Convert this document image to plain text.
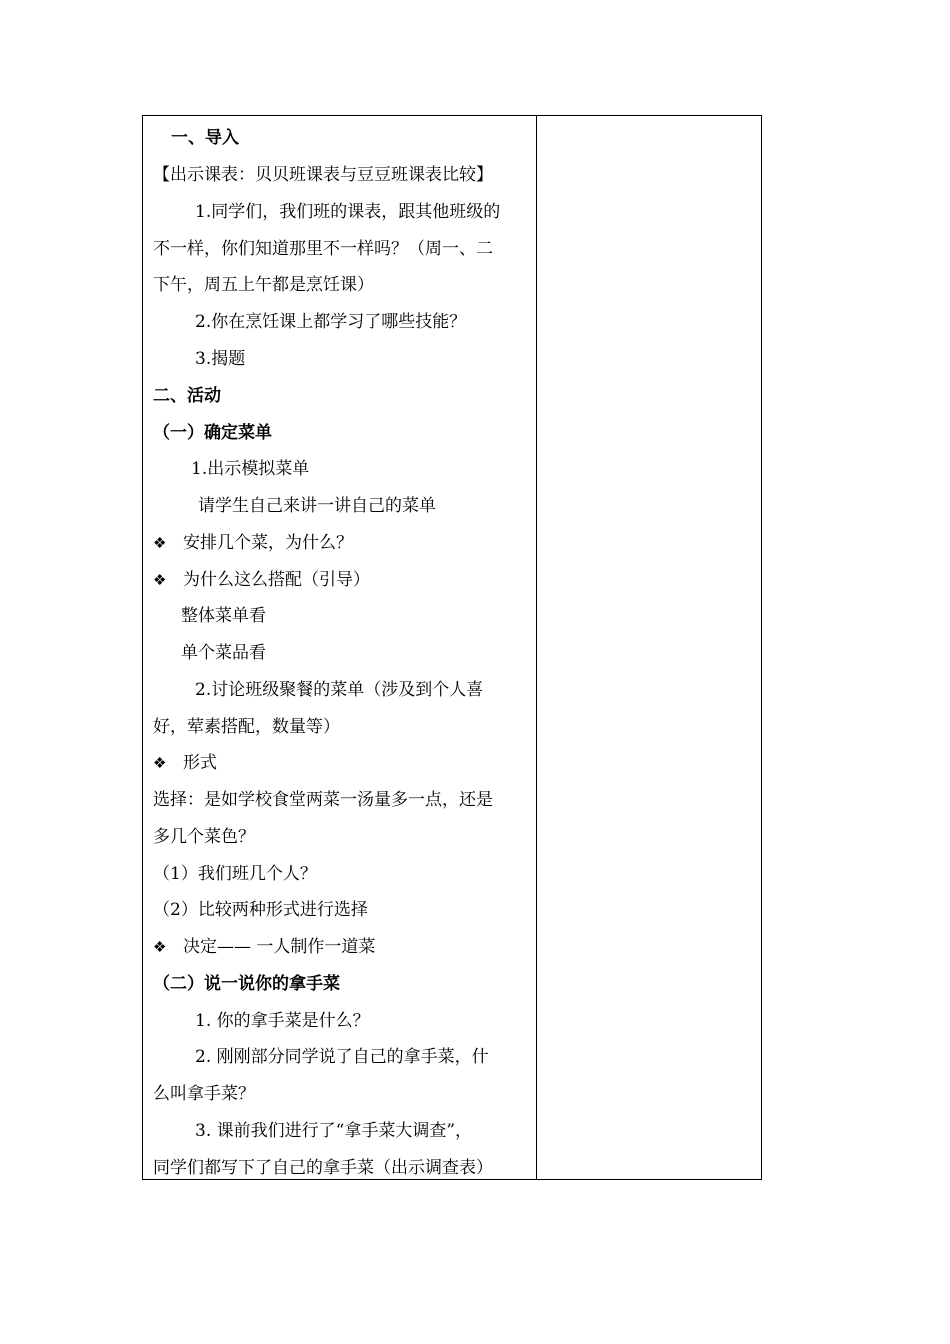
一、导入
【出示课表：贝贝班课表与豆豆班课表比较】
1.同学们，我们班的课表，跟其他班级的
不一样，你们知道那里不一样吗？（周一、二
下午，周五上午都是烹饪课）
2.你在烹饪课上都学习了哪些技能？
3.揭题
二、活动
（一）确定菜单
1.出示模拟菜单
请学生自己来讲一讲自己的菜单
❖ 安排几个菜，为什么？
❖ 为什么这么搭配（引导）
整体菜单看
单个菜品看
2.讨论班级聚餐的菜单（涉及到个人喜
好，荤素搭配，数量等）
❖ 形式
选择：是如学校食堂两菜一汤量多一点，还是
多几个菜色？
（1）我们班几个人？
（2）比较两种形式进行选择
❖ 决定—— 一人制作一道菜
（二）说一说你的拿手菜
1. 你的拿手菜是什么？
2. 刚刚部分同学说了自己的拿手菜，什
么叫拿手菜？
3. 课前我们进行了“拿手菜大调查”，
同学们都写下了自己的拿手菜（出示调查表）
